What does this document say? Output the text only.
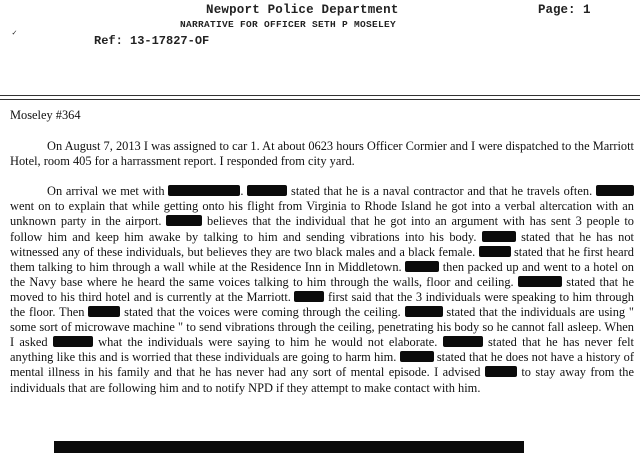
Newport Police Department	Page: 1
NARRATIVE FOR OFFICER SETH P MOSELEY
✓
Ref: 13-17827-OF

Moseley #364

On August 7, 2013 I was assigned to car 1. At about 0623 hours Officer Cormier and I were dispatched to the Marriott Hotel, room 405 for a harrassment report. I responded from city yard.

On arrival we met with	.	stated that he is a naval contractor and that he travels often.  went on to explain that while getting onto his flight from Virginia to Rhode Island he got into a verbal altercation with an unknown party in the airport.	believes that the individual that he got into an argument with has sent 3 people to follow him and keep him awake by talking to him and sending vibrations into his body.	stated that he has not witnessed any of these individuals, but believes they are two black males and a black female.	stated that he first heard them talking to him through a wall while at the Residence Inn in Middletown.	then packed up and went to a hotel on the Navy base where he heard the same voices talking to him through the walls, floor and ceiling.	stated that he moved to his third hotel and is currently at the Marriott.	first said that the 3 individuals were speaking to him through the floor. Then	stated that the voices were coming through the ceiling.	stated that the individuals are using " some sort of microwave machine " to send vibrations through the ceiling, penetrating his body so he cannot fall asleep. When I asked	what the individuals were saying to him he would not elaborate.	stated that he has never felt anything like this and is worried that these individuals are going to harm him.	stated that he does not have a history of mental illness in his family and that he has never had any sort of mental episode. I advised	to stay away from the individuals that are following him and to notify NPD if they attempt to make contact with him.
